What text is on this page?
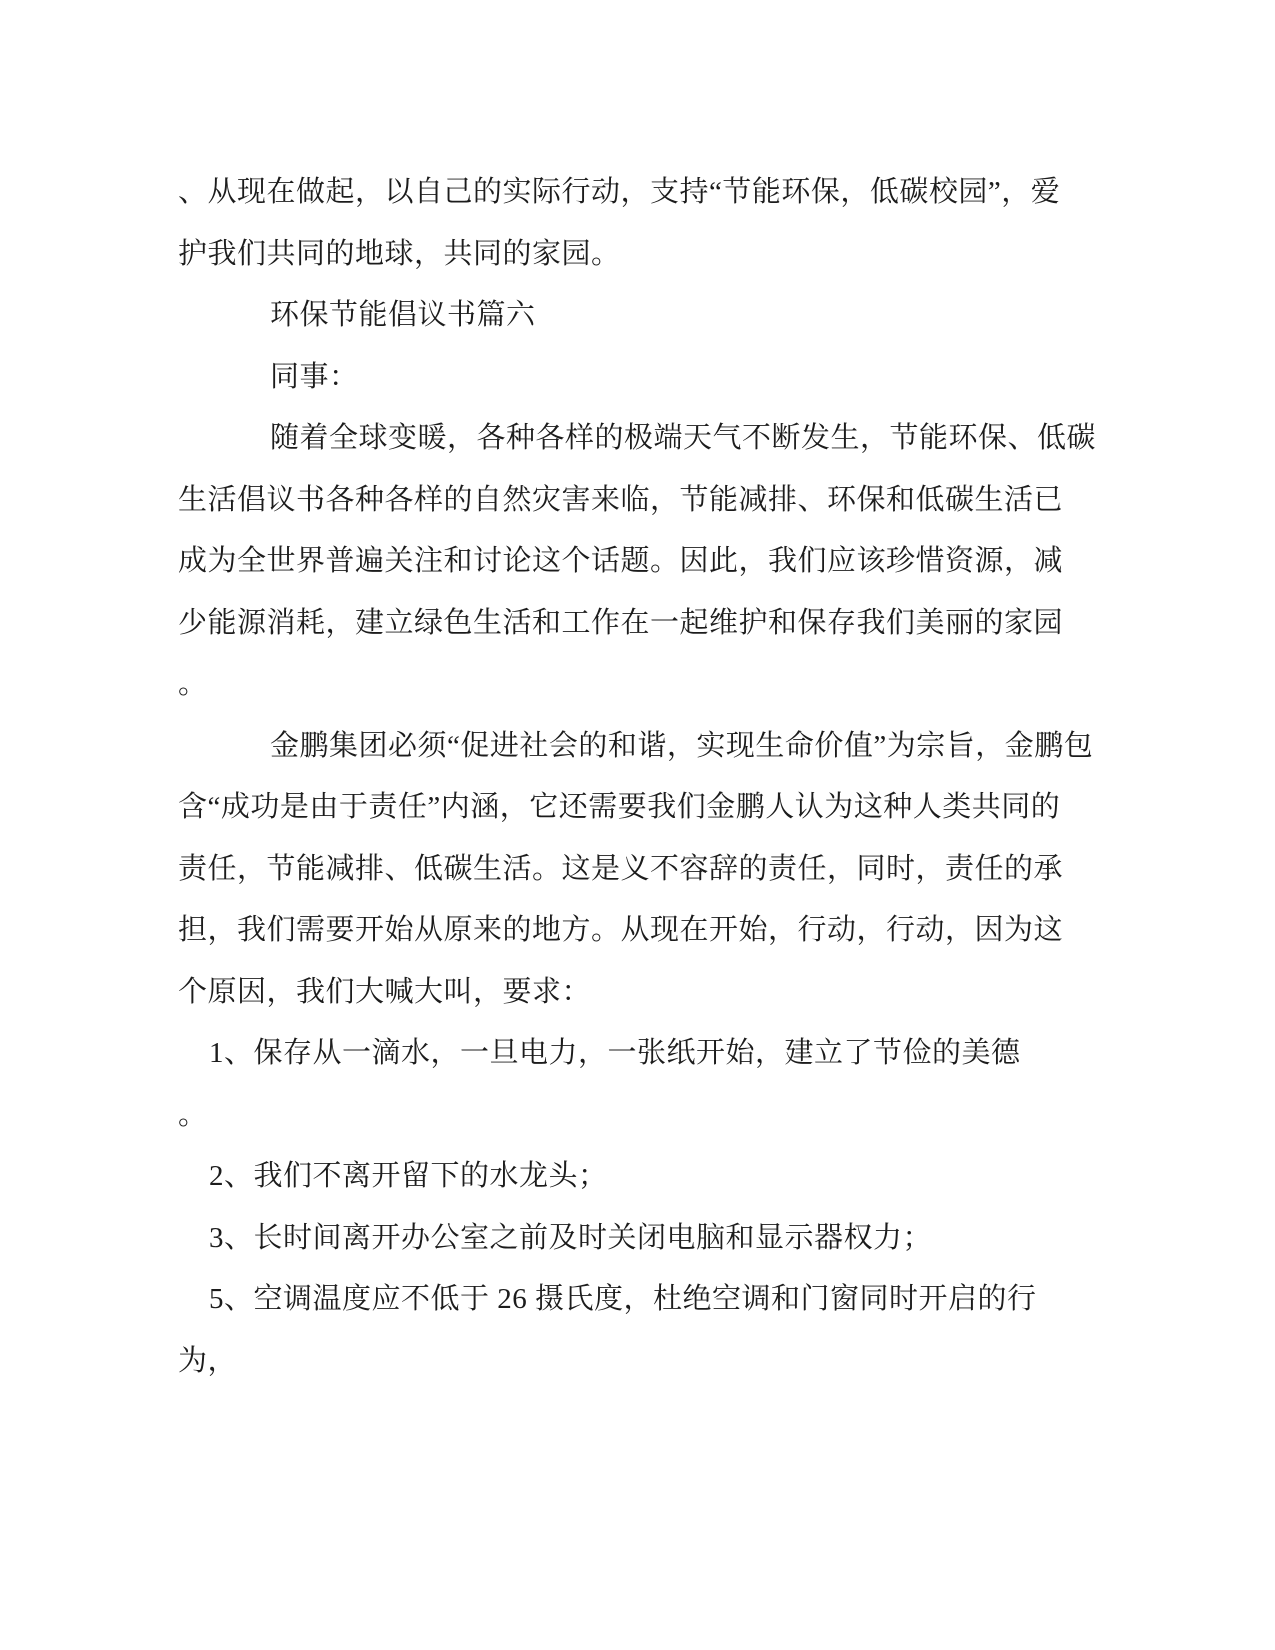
、从现在做起，以自己的实际行动，支持“节能环保，低碳校园”，爱
护我们共同的地球，共同的家园。
环保节能倡议书篇六
同事：
随着全球变暖，各种各样的极端天气不断发生，节能环保、低碳
生活倡议书各种各样的自然灾害来临，节能减排、环保和低碳生活已
成为全世界普遍关注和讨论这个话题。因此，我们应该珍惜资源，减
少能源消耗，建立绿色生活和工作在一起维护和保存我们美丽的家园
。
金鹏集团必须“促进社会的和谐，实现生命价值”为宗旨，金鹏包
含“成功是由于责任”内涵，它还需要我们金鹏人认为这种人类共同的
责任，节能减排、低碳生活。这是义不容辞的责任，同时，责任的承
担，我们需要开始从原来的地方。从现在开始，行动，行动，因为这
个原因，我们大喊大叫，要求：
1、保存从一滴水，一旦电力，一张纸开始，建立了节俭的美德
。
2、我们不离开留下的水龙头；
3、长时间离开办公室之前及时关闭电脑和显示器权力；
5、空调温度应不低于 26 摄氏度，杜绝空调和门窗同时开启的行
为，
